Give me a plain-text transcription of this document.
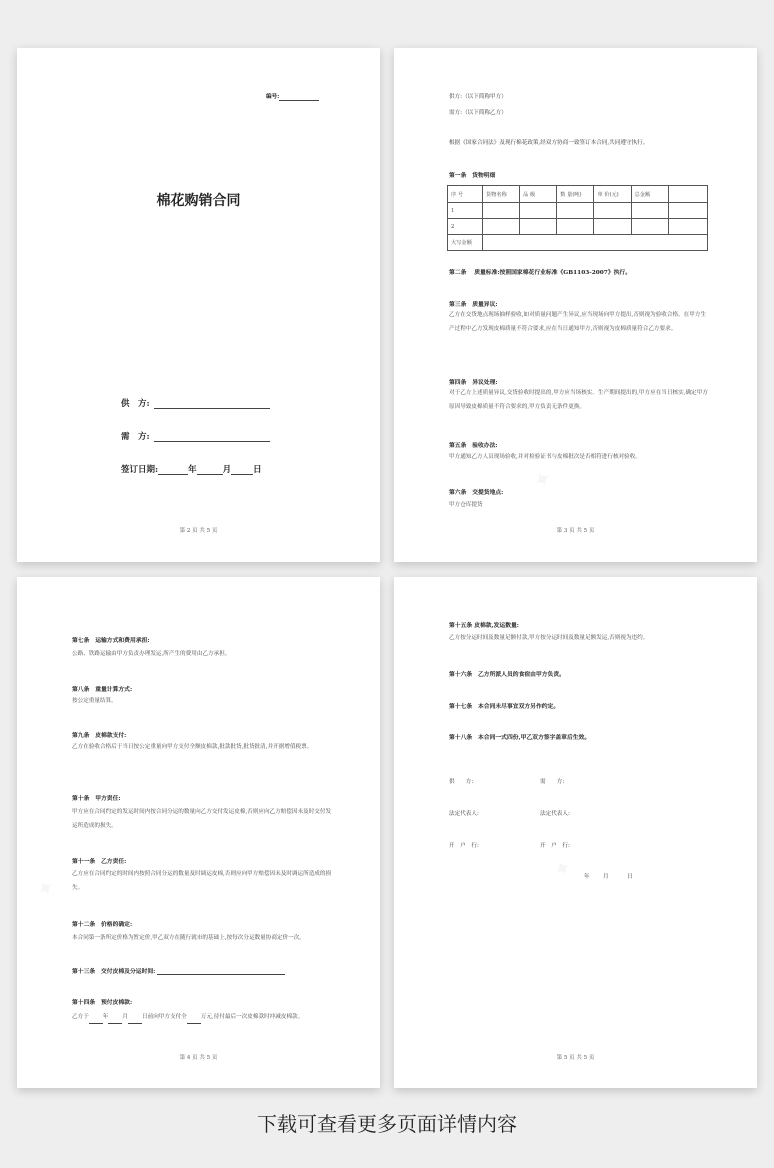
编号:
棉花购销合同
供　方:
需　方:
签订日期:	年	月	日
第 2 页 共 5 页
供方:（以下简称甲方）
需方:（以下简称乙方）
根据《国家合同法》及现行棉花政策,经双方协商一致签订本合同,共同遵守执行。
第一条　货物明细
序 号	货物名称	品 级	数 量(吨)	单 价(元)	总金额	
1						
2						
大写金额						
第二条　 质量标准:按照国家棉花行业标准《GB1103-2007》执行。
第三条　质量异议:
乙方在交货地点现场抽样验收,如对质量问题产生异议,应当现场向甲方提出,否则视为验收合格。在甲方生产过程中乙方发现皮棉质量不符合要求,应在当日通知甲方,否则视为皮棉质量符合乙方要求。
第四条　异议处理:
对于乙方上述质量异议,交货验收时提出的,甲方应当场核实。生产期间提出的,甲方应在当日核实,确定甲方原因导致皮棉质量不符合要求的,甲方负责无条件更换。
第五条　验收办法:
甲方通知乙方人员现场验收,并对检验证书与皮棉批次是否相符进行核对验收。
第六条　交提货地点:
甲方仓库提货
第 3 页 共 5 页
第七条　运输方式和费用承担:
公路、铁路运输由甲方负责办理发运,所产生的费用由乙方承担。
第八条　重量计算方式:
按公定重量结算。
第九条　皮棉款支付:
乙方在验收合格后于当日按公定重量向甲方支付全额皮棉款,批款批货,批货批清,并开据增值税票。
第十条　甲方责任:
甲方应在合同约定的发运时间内按合同分运的数量向乙方交付发运皮棉,否则应向乙方赔偿因未及时交付发运所造成的损失。
第十一条　乙方责任:
乙方应在合同约定的时间内按照合同分运的数量及时调运皮棉,否则应向甲方赔偿因未及时调运所造成的损失。
第十二条　价格的确定:
本合同第一条所定价格为暂定价,甲乙双方在随行就市的基础上,按每次分运数量协商定价一次。
第十三条　交付皮棉及分运时间:
第十四条　预付皮棉款:
乙方于	年	月	日前向甲方支付全	万元,待付最后一次皮棉款时冲减皮棉款。
第 4 页 共 5 页
第十五条 皮棉款,发运数量:
乙方按分运时间及数量足额付款,甲方按分运时间及数量足额发运,否则视为违约。
第十六条　乙方所派人员的食宿由甲方负责。
第十七条　本合同未尽事宜双方另作约定。
第十八条　本合同一式四份,甲乙双方签字盖章后生效。
供　　方:	需　　方:
法定代表人:	法定代表人:
开　户　行:	开　户　行:
年 月	日
第 5 页 共 5 页
下载可查看更多页面详情内容
